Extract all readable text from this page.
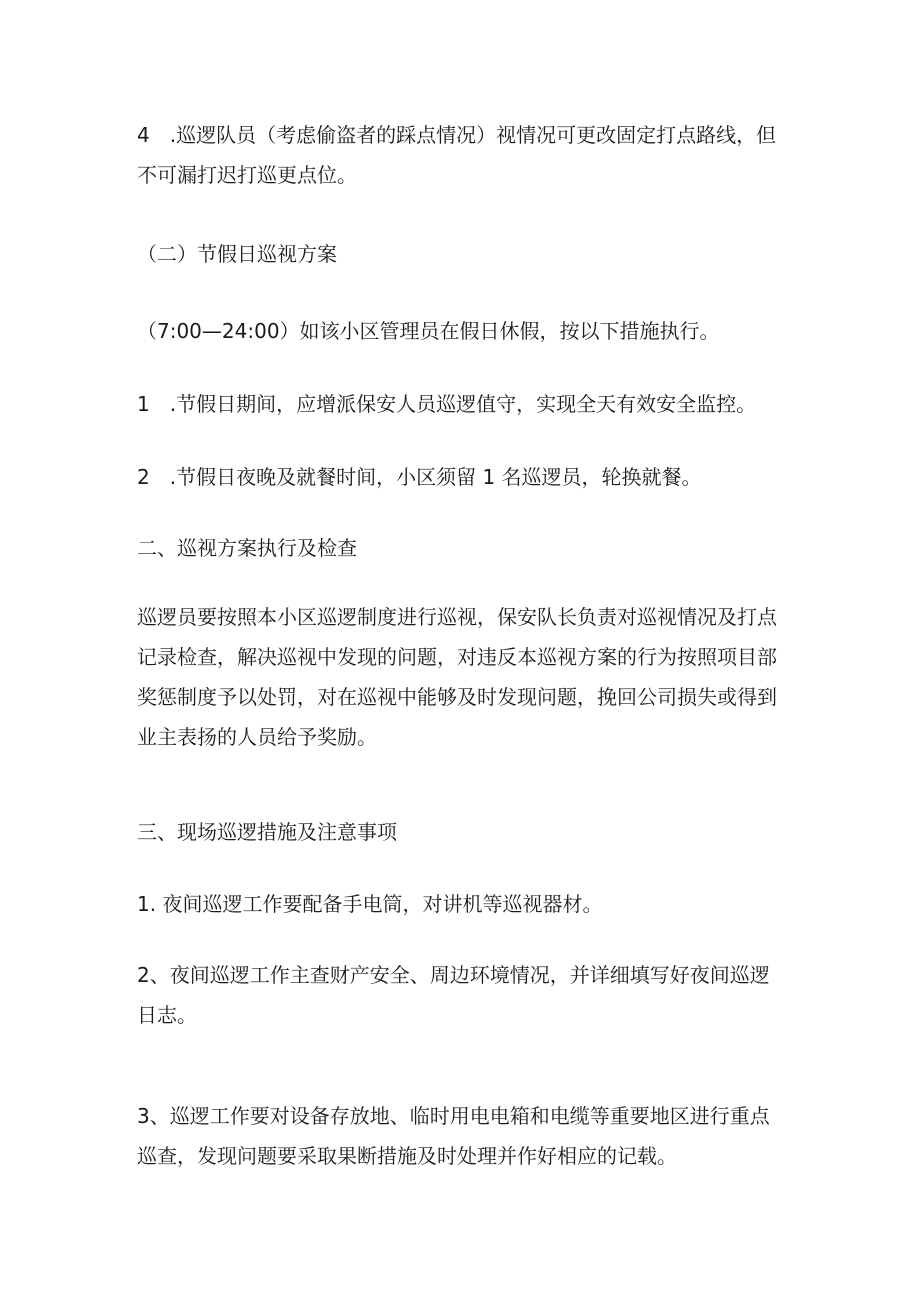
4　.巡逻队员（考虑偷盗者的踩点情况）视情况可更改固定打点路线，但不可漏打迟打巡更点位。

（二）节假日巡视方案

（7:00—24:00）如该小区管理员在假日休假，按以下措施执行。

1　.节假日期间，应增派保安人员巡逻值守，实现全天有效安全监控。

2　.节假日夜晚及就餐时间，小区须留 1 名巡逻员，轮换就餐。

二、巡视方案执行及检查

巡逻员要按照本小区巡逻制度进行巡视，保安队长负责对巡视情况及打点记录检查，解决巡视中发现的问题，对违反本巡视方案的行为按照项目部奖惩制度予以处罚，对在巡视中能够及时发现问题，挽回公司损失或得到业主表扬的人员给予奖励。

三、现场巡逻措施及注意事项

1. 夜间巡逻工作要配备手电筒，对讲机等巡视器材。

2、夜间巡逻工作主查财产安全、周边环境情况，并详细填写好夜间巡逻日志。

3、巡逻工作要对设备存放地、临时用电电箱和电缆等重要地区进行重点巡查，发现问题要采取果断措施及时处理并作好相应的记载。
